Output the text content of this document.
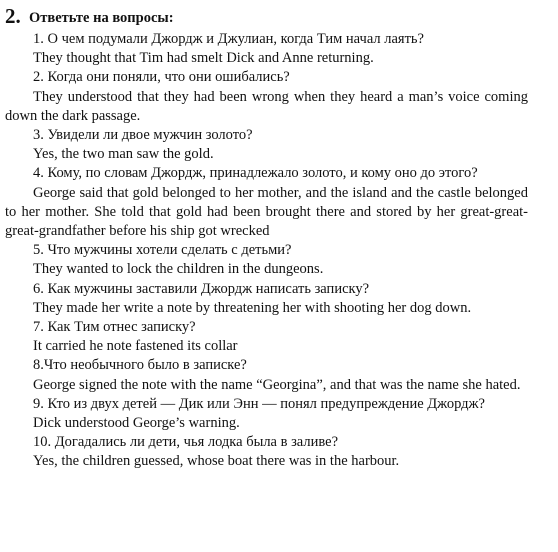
2. Ответьте на вопросы:

1. О чем подумали Джордж и Джулиан, когда Тим начал лаять?

They thought that Tim had smelt Dick and Anne returning.

2. Когда они поняли, что они ошибались?

They understood that they had been wrong when they heard a man’s voice coming down the dark passage.

3. Увидели ли двое мужчин золото?

Yes, the two man saw the gold.

4. Кому, по словам Джордж, принадлежало золото, и кому оно до этого?

George said that gold belonged to her mother, and the island and the castle belonged to her mother. She told that gold had been brought there and stored by her great-great-great-grandfather before his ship got wrecked

5. Что мужчины хотели сделать с детьми?

They wanted to lock the children in the dungeons.

6. Как мужчины заставили Джордж написать записку?

They made her write a note by threatening her with shooting her dog down.

7. Как Тим отнес записку?

It carried he note fastened its collar

8.Что необычного было в записке?

George signed the note with the name “Georgina”, and that was the name she hated.

9. Кто из двух детей — Дик или Энн — понял предупреждение Джордж?

Dick understood George’s warning.

10. Догадались ли дети, чья лодка была в заливе?

Yes, the children guessed, whose boat there was in the harbour.
